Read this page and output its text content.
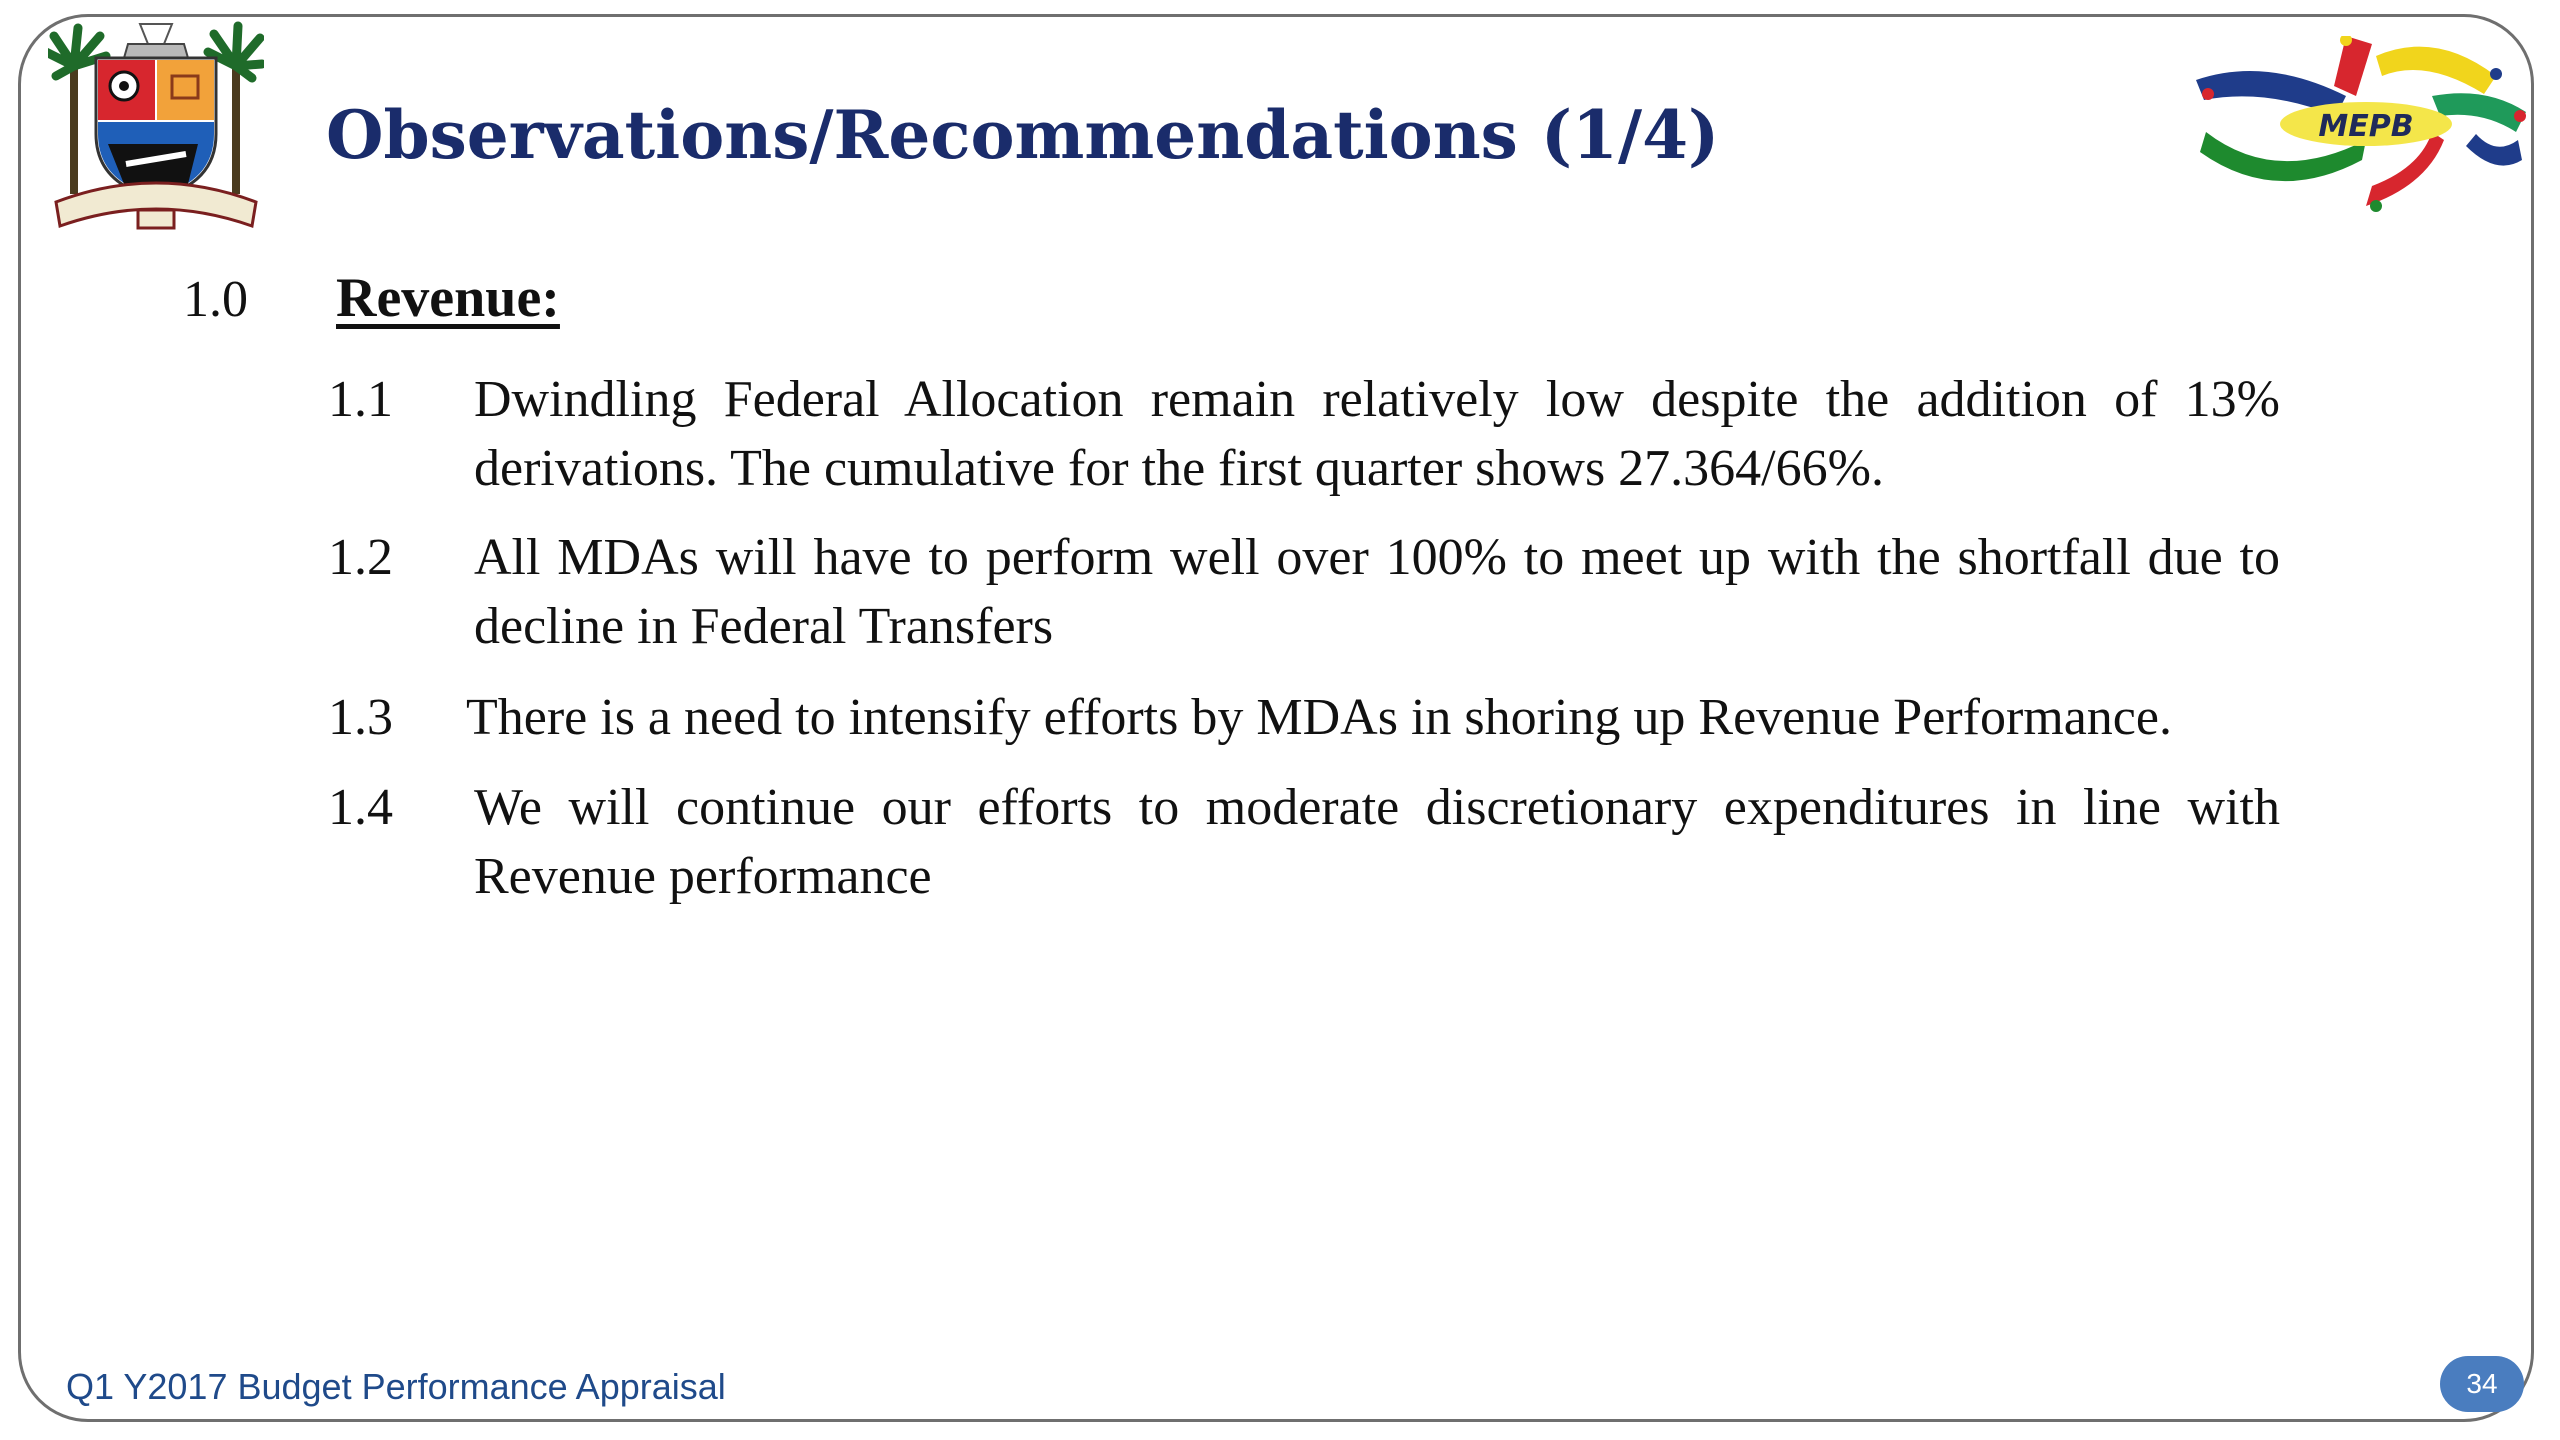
MEPB
Observations/Recommendations (1/4)
1.0 Revenue:
1.1 Dwindling Federal Allocation remain relatively low despite the addition of 13% derivations. The cumulative for the first quarter shows 27.364/66%.
1.2 All MDAs will have to perform well over 100% to meet up with the shortfall due to decline in Federal Transfers
1.3 There is a need to intensify efforts by MDAs in shoring up Revenue Performance.
1.4 We will continue our efforts to moderate discretionary expenditures in line with Revenue performance
Q1 Y2017 Budget Performance Appraisal	34
